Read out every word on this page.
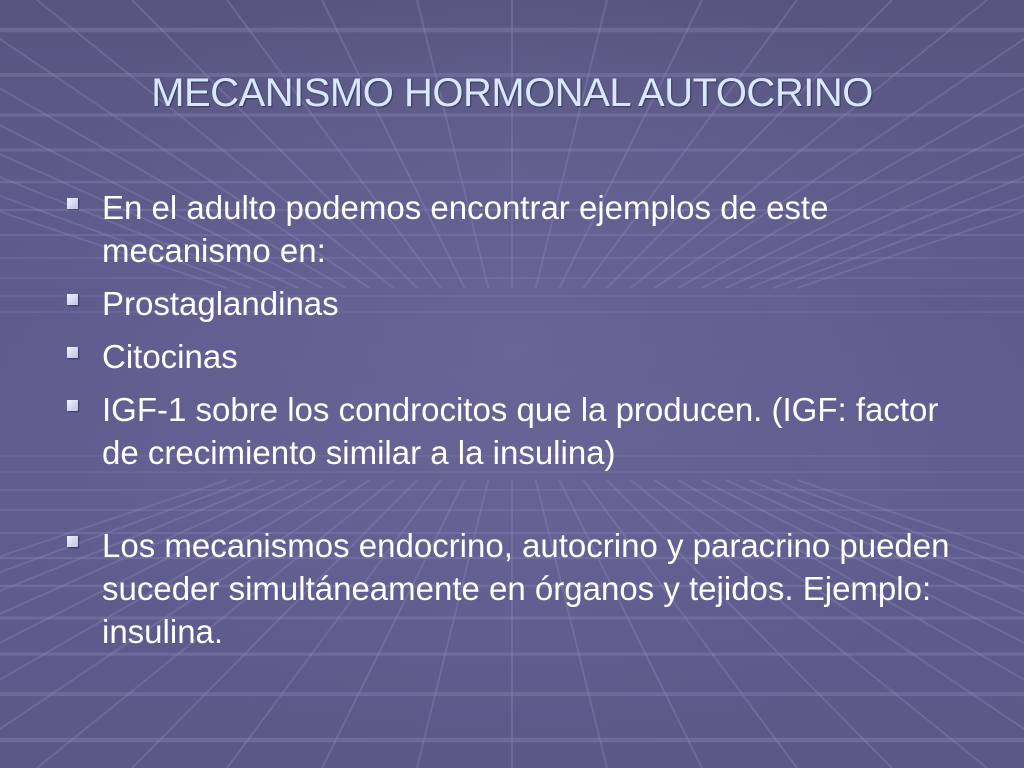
MECANISMO HORMONAL AUTOCRINO
En el adulto podemos encontrar ejemplos de este mecanismo en:
Prostaglandinas
Citocinas
IGF-1 sobre los condrocitos que la producen. (IGF: factor de crecimiento similar a la insulina)
Los mecanismos endocrino, autocrino y paracrino pueden suceder simultáneamente en órganos y tejidos. Ejemplo: insulina.
